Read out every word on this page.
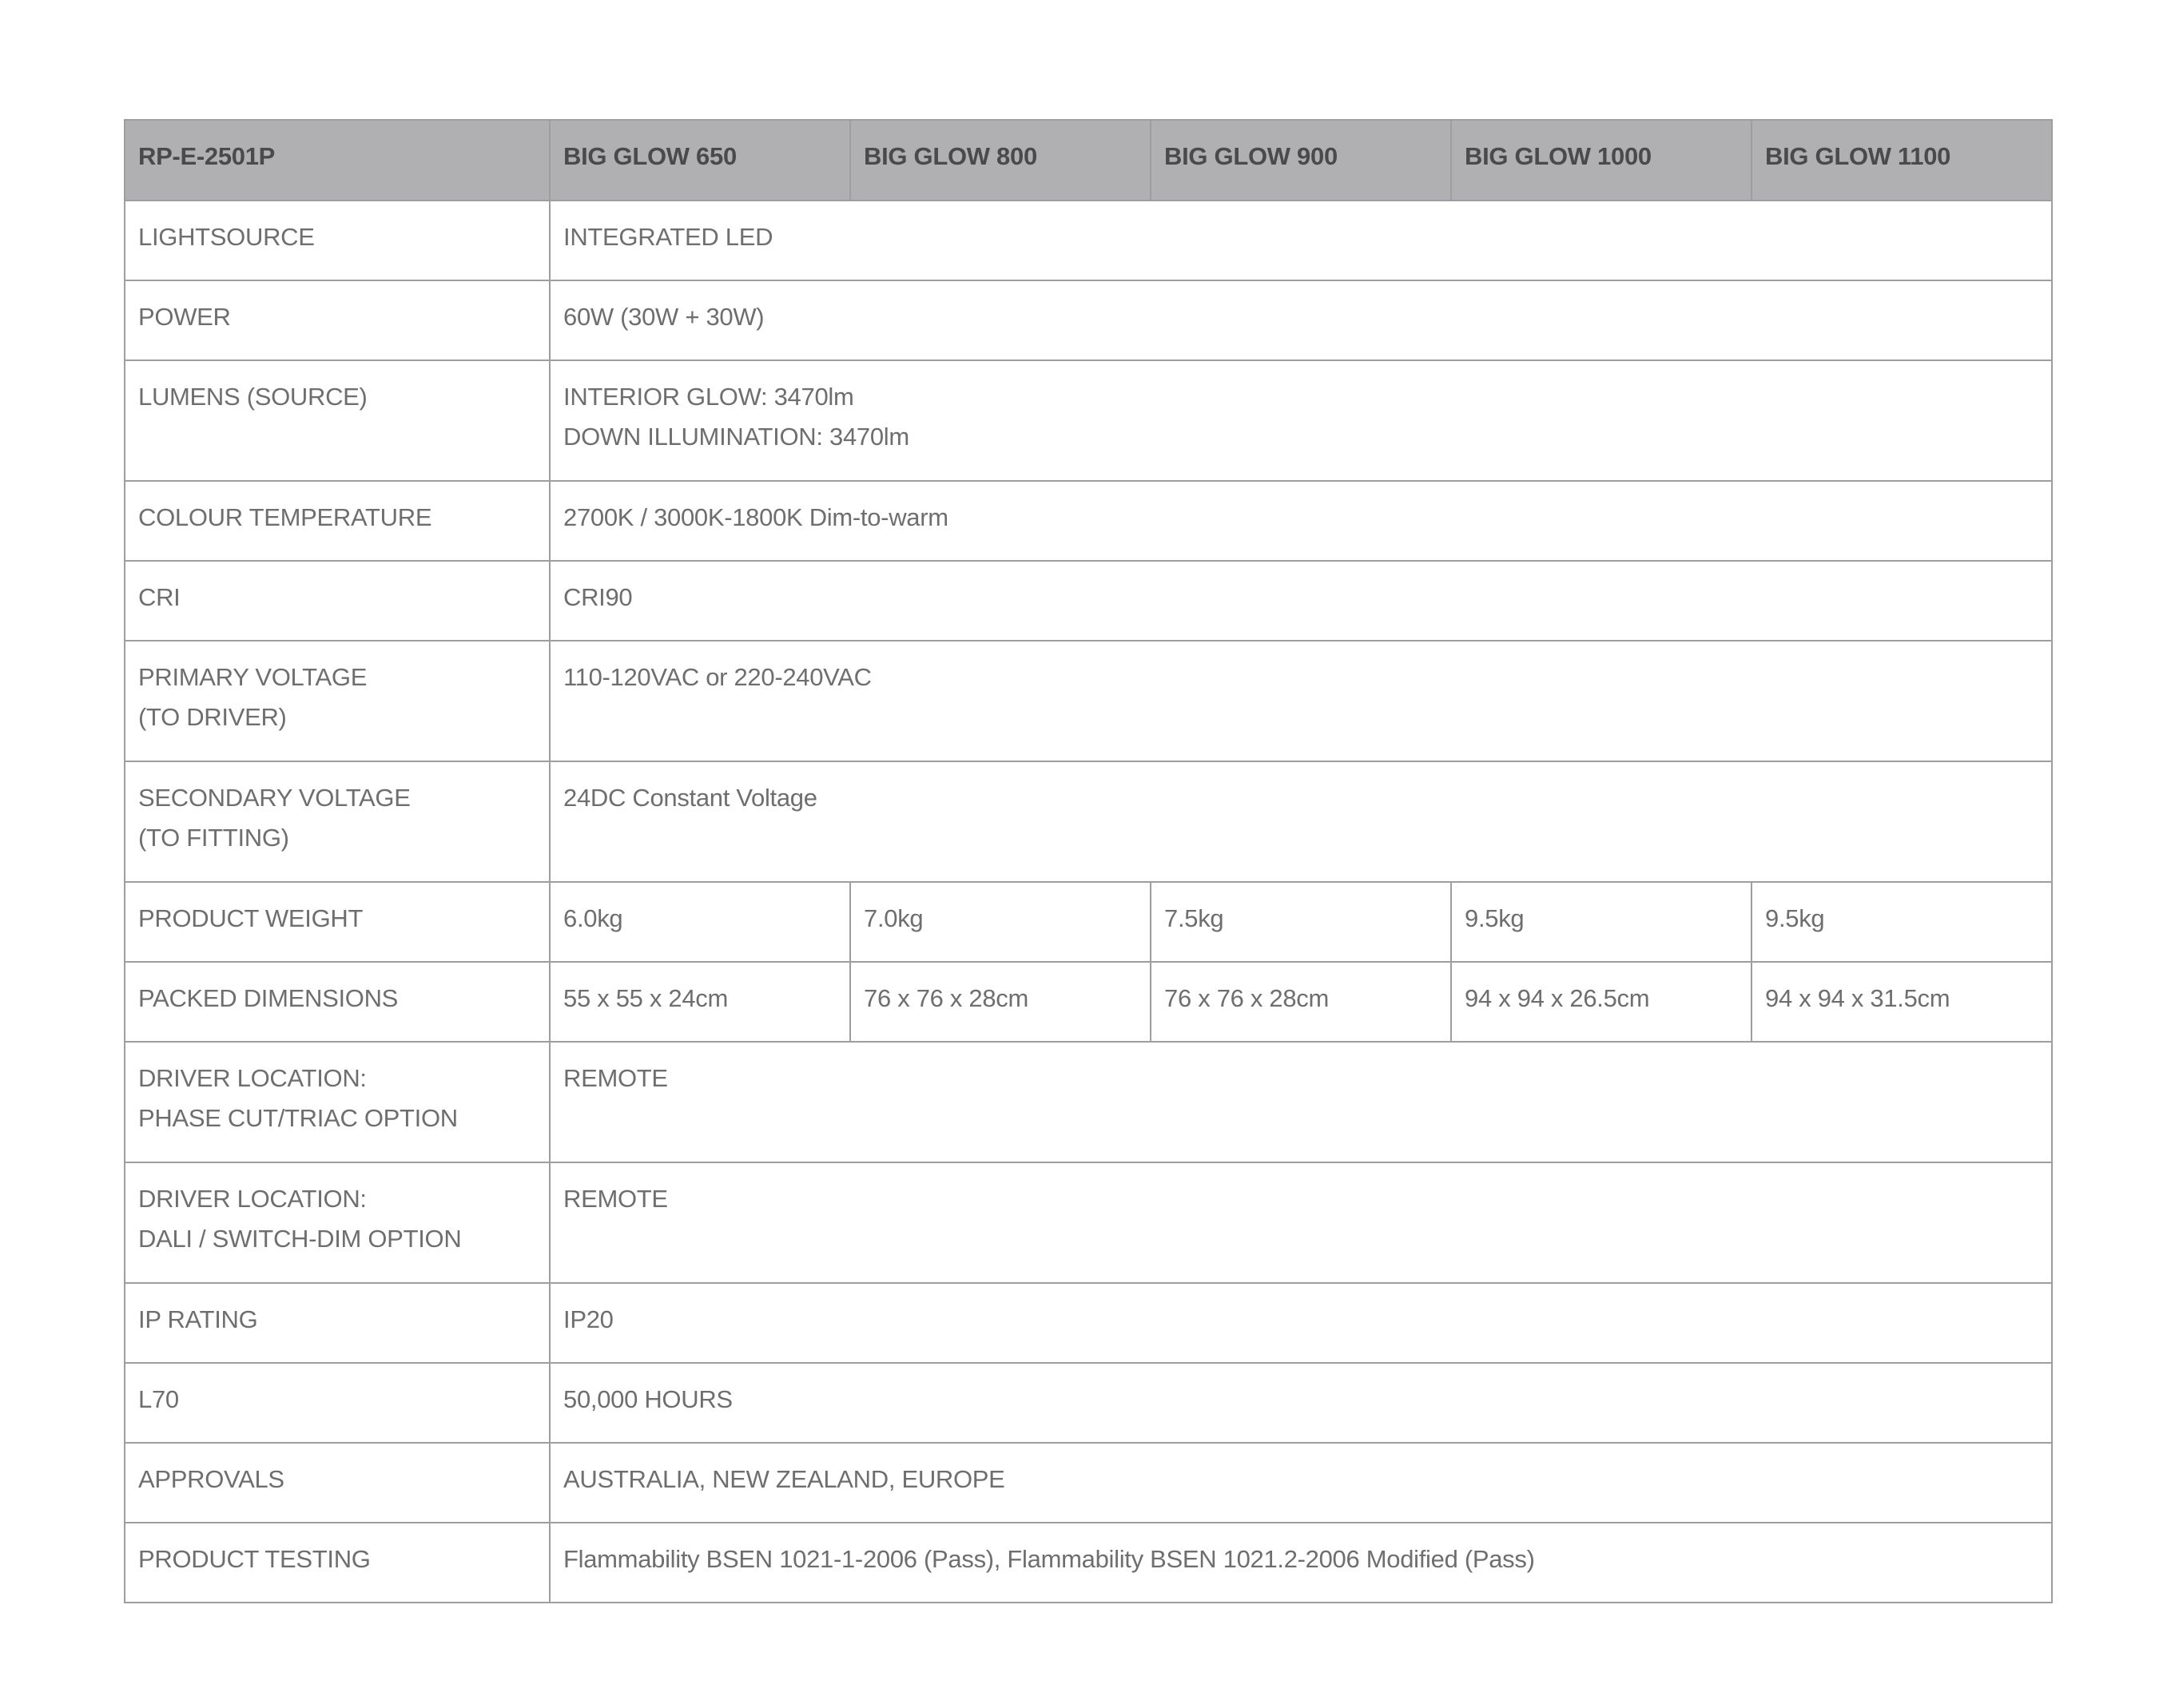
RP-E-2501P	BIG GLOW 650	BIG GLOW 800	BIG GLOW 900	BIG GLOW 1000	BIG GLOW 1100

LIGHTSOURCE	INTEGRATED LED				

POWER	60W (30W + 30W)				

LUMENS (SOURCE)	INTERIOR GLOW: 3470lm
DOWN ILLUMINATION: 3470lm				

COLOUR TEMPERATURE	2700K / 3000K-1800K Dim-to-warm				

CRI	CRI90				

PRIMARY VOLTAGE
(TO DRIVER)	110-120VAC or 220-240VAC				

SECONDARY VOLTAGE
(TO FITTING)	24DC Constant Voltage				

PRODUCT WEIGHT	6.0kg	7.0kg	7.5kg	9.5kg	9.5kg

PACKED DIMENSIONS	55 x 55 x 24cm	76 x 76 x 28cm	76 x 76 x 28cm	94 x 94 x 26.5cm	94 x 94 x 31.5cm

DRIVER LOCATION:
PHASE CUT/TRIAC OPTION	REMOTE				

DRIVER LOCATION:
DALI / SWITCH-DIM OPTION	REMOTE				

IP RATING	IP20				

L70	50,000 HOURS				

APPROVALS	AUSTRALIA, NEW ZEALAND, EUROPE				

PRODUCT TESTING	Flammability BSEN 1021-1-2006 (Pass), Flammability BSEN 1021.2-2006 Modified (Pass)				
